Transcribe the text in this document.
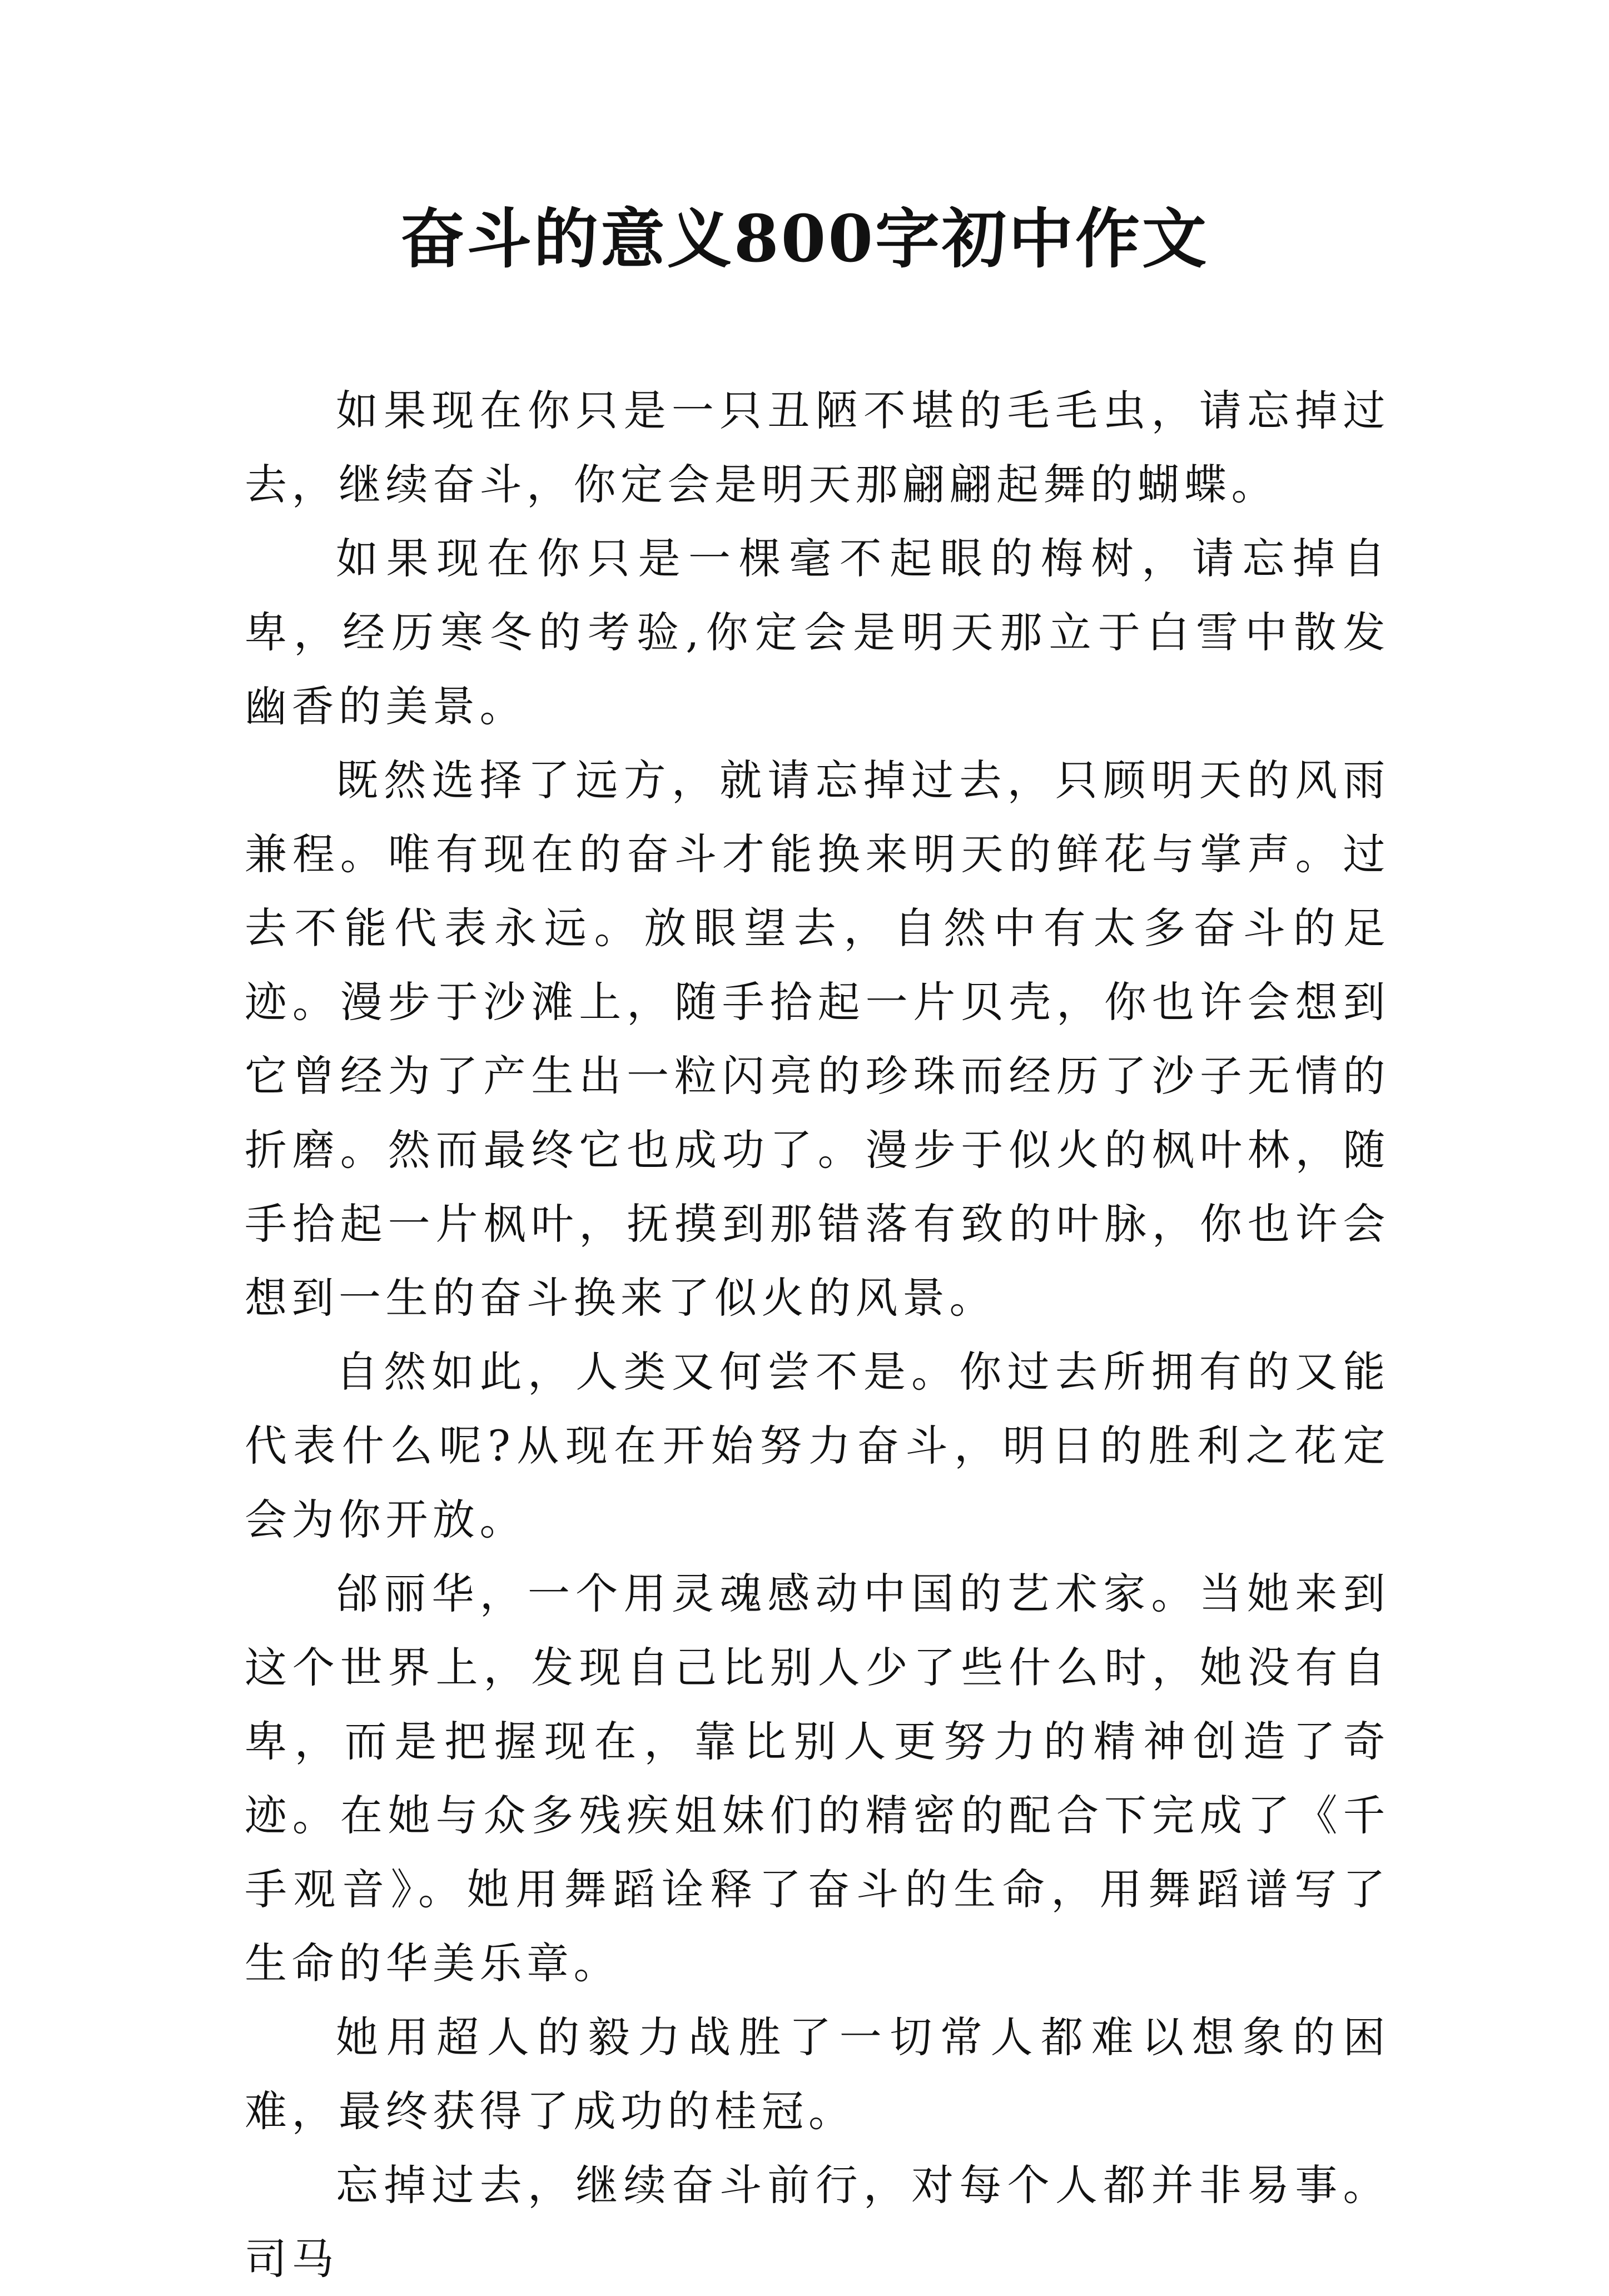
奋斗的意义800字初中作文

如果现在你只是一只丑陋不堪的毛毛虫，请忘掉过去，继续奋斗，你定会是明天那翩翩起舞的蝴蝶。

如果现在你只是一棵毫不起眼的梅树，请忘掉自卑，经历寒冬的考验,你定会是明天那立于白雪中散发幽香的美景。

既然选择了远方，就请忘掉过去，只顾明天的风雨兼程。唯有现在的奋斗才能换来明天的鲜花与掌声。过去不能代表永远。放眼望去，自然中有太多奋斗的足迹。漫步于沙滩上，随手拾起一片贝壳，你也许会想到它曾经为了产生出一粒闪亮的珍珠而经历了沙子无情的折磨。然而最终它也成功了。漫步于似火的枫叶林，随手拾起一片枫叶，抚摸到那错落有致的叶脉，你也许会想到一生的奋斗换来了似火的风景。

自然如此，人类又何尝不是。你过去所拥有的又能代表什么呢?从现在开始努力奋斗，明日的胜利之花定会为你开放。

邰丽华，一个用灵魂感动中国的艺术家。当她来到这个世界上，发现自己比别人少了些什么时，她没有自卑，而是把握现在，靠比别人更努力的精神创造了奇迹。在她与众多残疾姐妹们的精密的配合下完成了《千手观音》。她用舞蹈诠释了奋斗的生命，用舞蹈谱写了生命的华美乐章。

她用超人的毅力战胜了一切常人都难以想象的困难，最终获得了成功的桂冠。

忘掉过去，继续奋斗前行，对每个人都并非易事。司马
